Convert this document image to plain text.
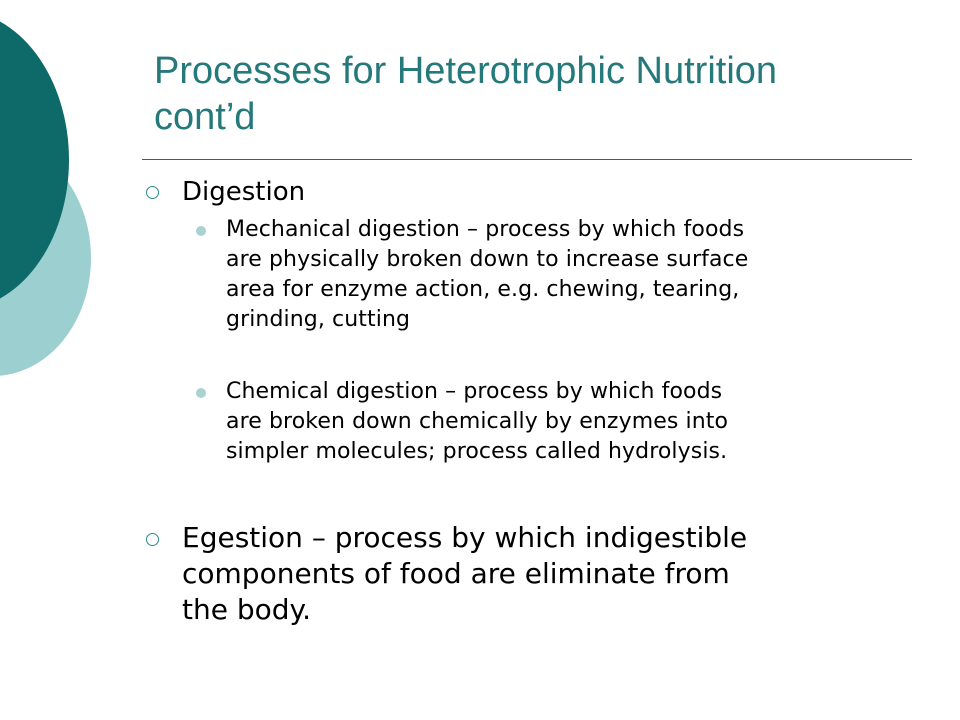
Processes for Heterotrophic Nutrition
cont’d
Digestion
Mechanical digestion – process by which foods
are physically broken down to increase surface
area for enzyme action, e.g. chewing, tearing,
grinding, cutting
Chemical digestion – process by which foods
are broken down chemically by enzymes into
simpler molecules; process called hydrolysis.
Egestion – process by which indigestible
components of food are eliminate from
the body.
